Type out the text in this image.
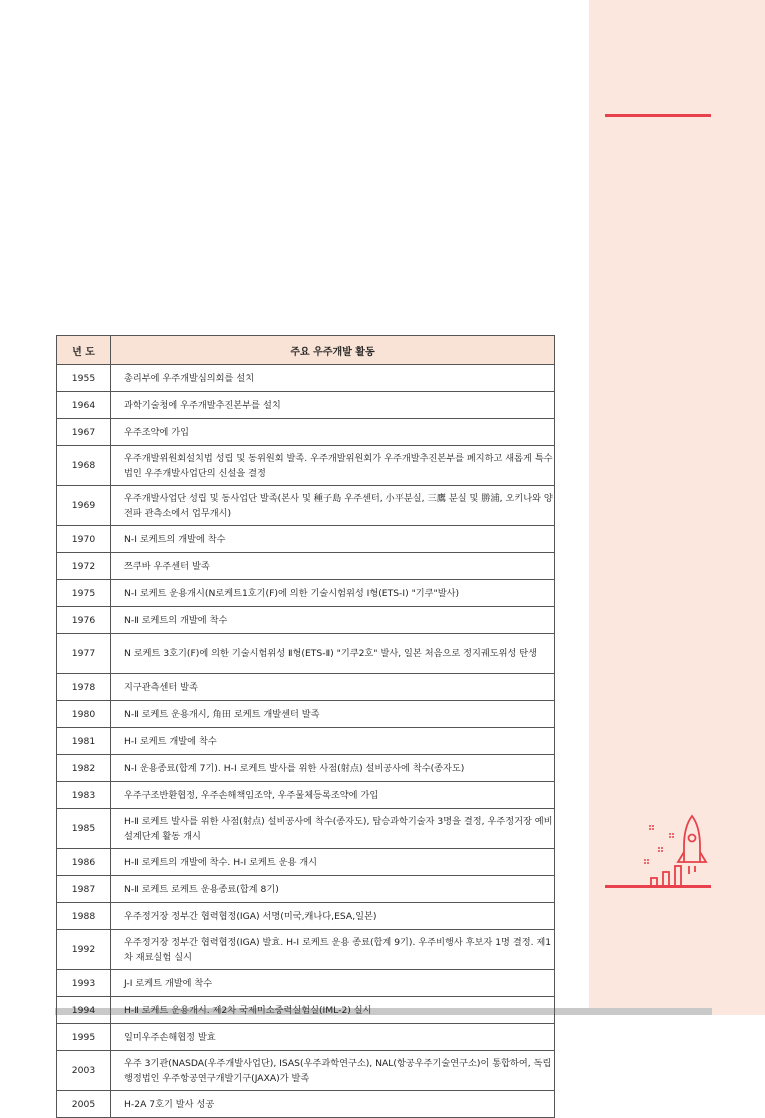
년 도	주요 우주개발 활동
1955	총리부에 우주개발심의회를 설치
1964	과학기술청에 우주개발추진본부를 설치
1967	우주조약에 가입
1968	우주개발위원회설치법 성립 및 동위원회 발족. 우주개발위원회가 우주개발추진본부를 폐지하고 새롭게 특수법인 우주개발사업단의 신설을 결정
1969	우주개발사업단 성립 및 동사업단 발족(본사 및 種子島 우주센터, 小平분실, 三鷹 분실 및 勝浦, 오키나와 양 전파 관측소에서 업무개시)
1970	N-Ⅰ 로케트의 개발에 착수
1972	쯔쿠바 우주센터 발족
1975	N-Ⅰ 로케트 운용개시(N로케트1호기(F)에 의한 기술시험위성 Ⅰ형(ETS-Ⅰ) "기쿠"발사)
1976	N-Ⅱ 로케트의 개발에 착수
1977	N 로케트 3호기(F)에 의한 기술시험위성 Ⅱ형(ETS-Ⅱ) "기쿠2호" 발사, 일본 처음으로 정지궤도위성 탄생
1978	지구관측센터 발족
1980	N-Ⅱ 로케트 운용개시, 角田 로케트 개발센터 발족
1981	H-Ⅰ 로케트 개발에 착수
1982	N-Ⅰ 운용종료(합계 7기). H-Ⅰ 로케트 발사를 위한 사점(射点) 설비공사에 착수(종자도)
1983	우주구조반환협정, 우주손해책임조약, 우주물체등록조약에 가입
1985	H-Ⅱ 로케트 발사를 위한 사점(射点) 설비공사에 착수(종자도), 탑승과학기술자 3명을 결정, 우주정거장 예비설계단계 활동 개시
1986	H-Ⅱ 로케트의 개발에 착수. H-Ⅰ 로케트 운용 개시
1987	N-Ⅱ 로케트 로케트 운용종료(합계 8기)
1988	우주정거장 정부간 협력협정(IGA) 서명(미국,캐나다,ESA,일본)
1992	우주정거장 정부간 협력협정(IGA) 발효. H-Ⅰ 로케트 운용 종료(합계 9기). 우주비행사 후보자 1명 결정. 제1차 재료실험 실시
1993	J-Ⅰ 로케트 개발에 착수
1994	H-Ⅱ 로케트 운용개시. 제2차 국제미소중력실험실(IML-2) 실시
1995	일미우주손해협정 발효
2003	우주 3기관(NASDA(우주개발사업단), ISAS(우주과학연구소), NAL(항공우주기술연구소)이 통합하여, 독립행정법인 우주항공연구개발기구(JAXA)가 발족
2005	H-2A 7호기 발사 성공
